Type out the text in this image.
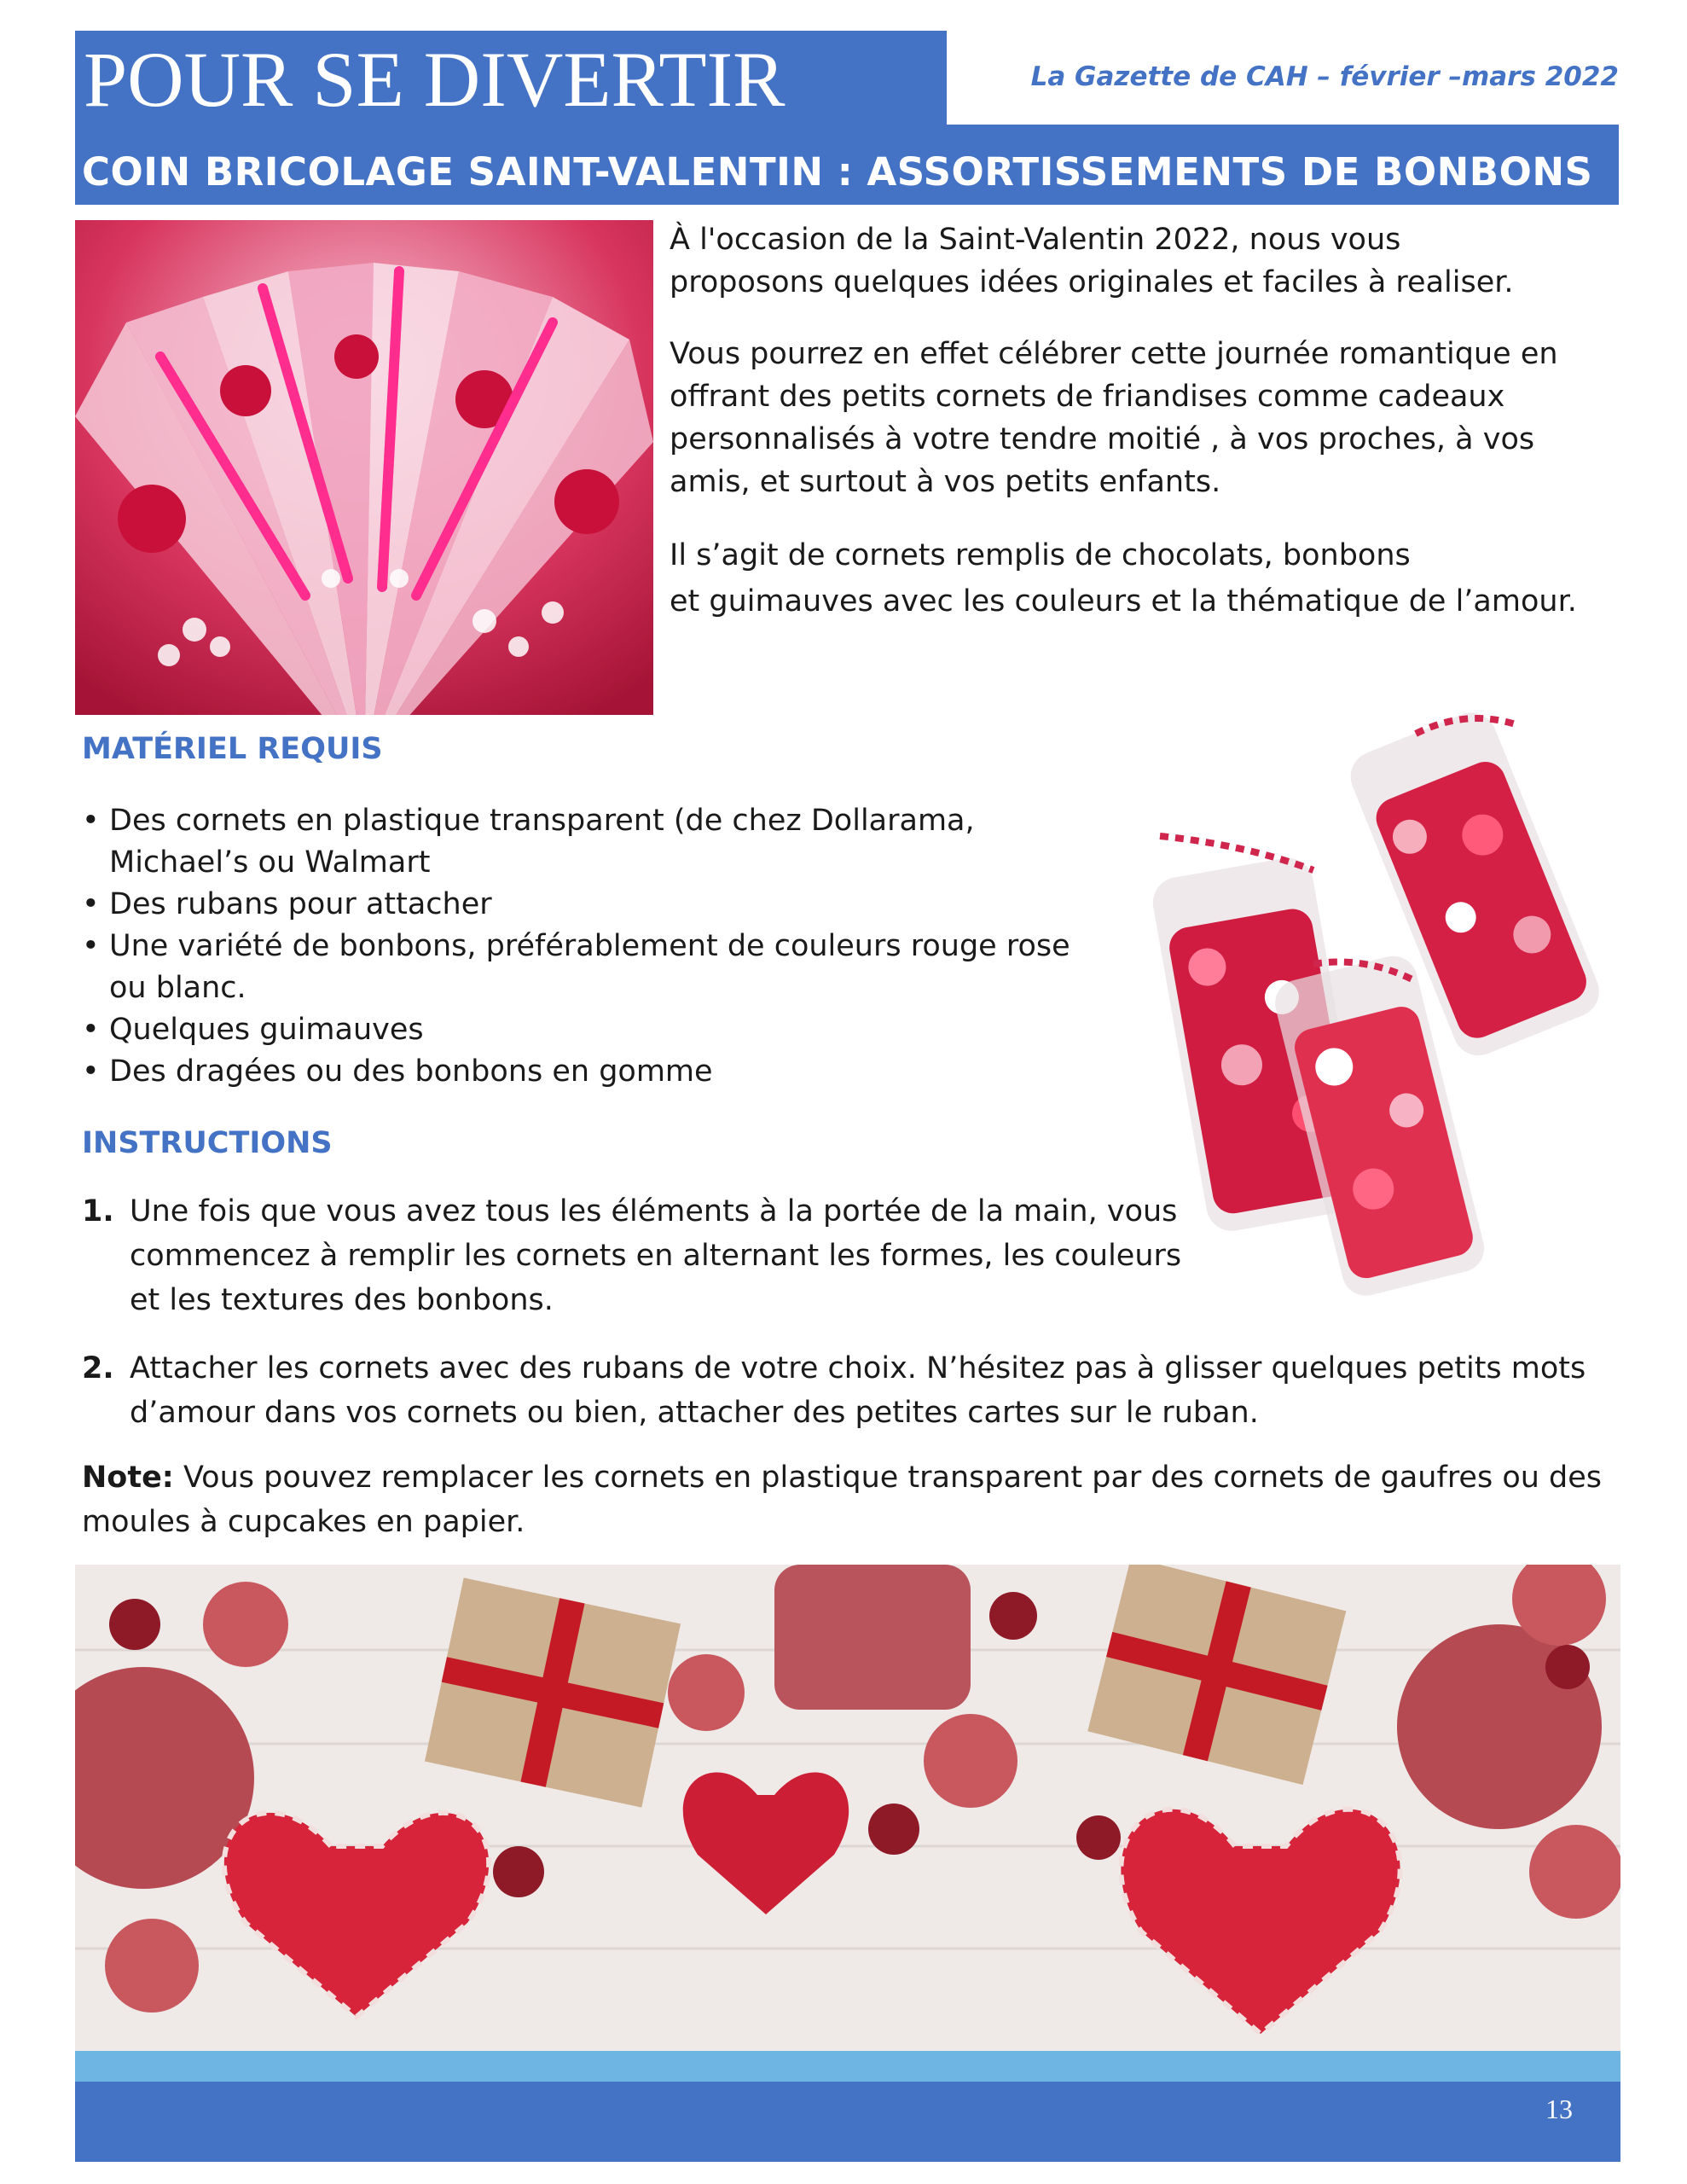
POUR SE DIVERTIR	La Gazette de CAH – février –mars 2022
COIN BRICOLAGE SAINT-VALENTIN : ASSORTISSEMENTS DE BONBONS

À l'occasion de la Saint-Valentin 2022, nous vous proposons quelques idées originales et faciles à realiser.

Vous pourrez en effet célébrer cette journée romantique en offrant des petits cornets de friandises comme cadeaux personnalisés à votre tendre moitié , à vos proches, à vos amis, et surtout à vos petits enfants.

Il s’agit de cornets remplis de chocolats, bonbons

et guimauves avec les couleurs et la thématique de l’amour.

MATÉRIEL REQUIS
• Des cornets en plastique transparent (de chez Dollarama, Michael’s ou Walmart
• Des rubans pour attacher
• Une variété de bonbons, préférablement de couleurs rouge rose ou blanc.
• Quelques guimauves
• Des dragées ou des bonbons en gomme
INSTRUCTIONS
1. Une fois que vous avez tous les éléments à la portée de la main, vous commencez à remplir les cornets en alternant les formes, les couleurs et les textures des bonbons.
2. Attacher les cornets avec des rubans de votre choix. N’hésitez pas à glisser quelques petits mots d’amour dans vos cornets ou bien, attacher des petites cartes sur le ruban.
Note: Vous pouvez remplacer les cornets en plastique transparent par des cornets de gaufres ou des moules à cupcakes en papier.
13
